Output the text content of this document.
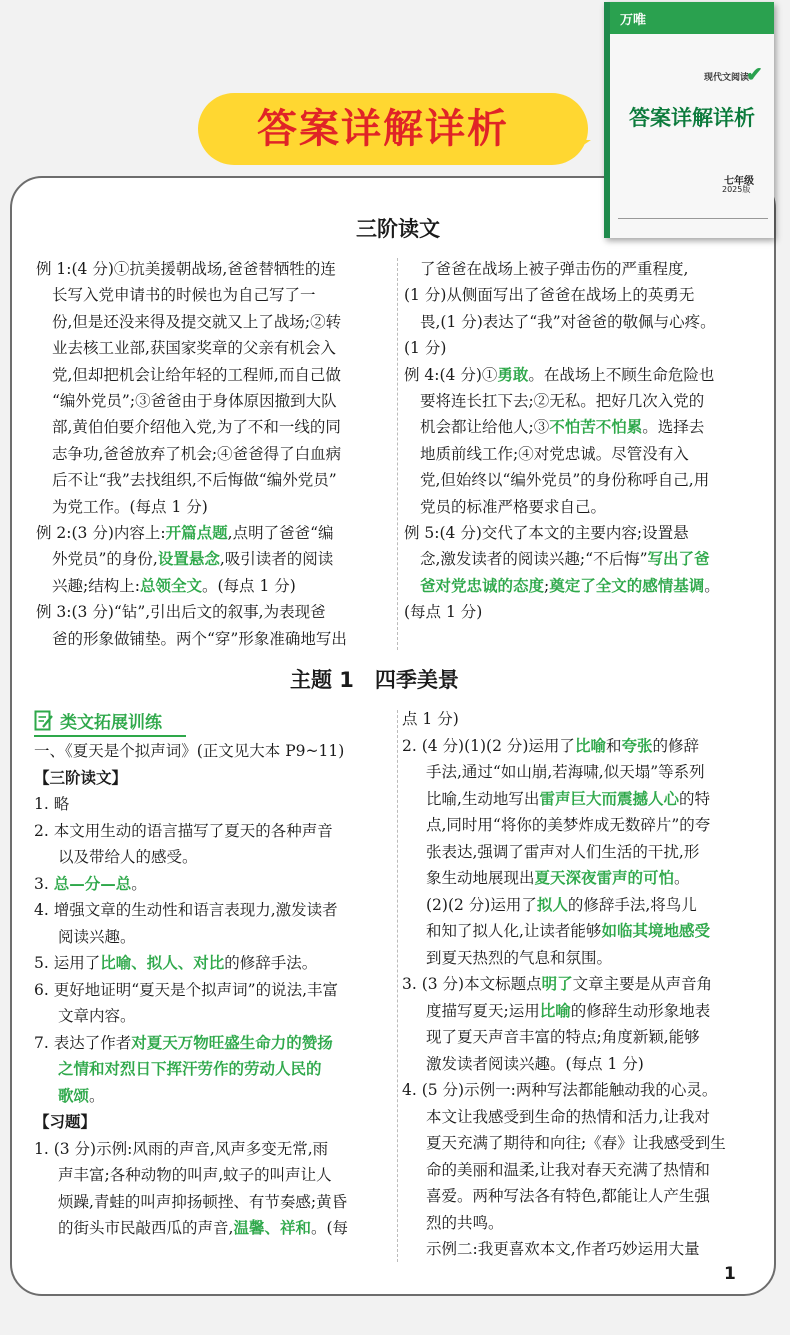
答案详解详析
万唯
现代文阅读
✔
答案详解详析
七年级
2025版
三阶读文
例 1:(4 分)①抗美援朝战场,爸爸替牺牲的连
长写入党申请书的时候也为自己写了一
份,但是还没来得及提交就又上了战场;②转
业去核工业部,获国家奖章的父亲有机会入
党,但却把机会让给年轻的工程师,而自己做
“编外党员”;③爸爸由于身体原因撤到大队
部,黄伯伯要介绍他入党,为了不和一线的同
志争功,爸爸放弃了机会;④爸爸得了白血病
后不让“我”去找组织,不后悔做“编外党员”
为党工作。(每点 1 分)
例 2:(3 分)内容上:开篇点题,点明了爸爸“编
外党员”的身份,设置悬念,吸引读者的阅读
兴趣;结构上:总领全文。(每点 1 分)
例 3:(3 分)“钻”,引出后文的叙事,为表现爸
爸的形象做铺垫。两个“穿”形象准确地写出
了爸爸在战场上被子弹击伤的严重程度,
(1 分)从侧面写出了爸爸在战场上的英勇无
畏,(1 分)表达了“我”对爸爸的敬佩与心疼。
(1 分)
例 4:(4 分)①勇敢。在战场上不顾生命危险也
要将连长扛下去;②无私。把好几次入党的
机会都让给他人;③不怕苦不怕累。选择去
地质前线工作;④对党忠诚。尽管没有入
党,但始终以“编外党员”的身份称呼自己,用
党员的标准严格要求自己。
例 5:(4 分)交代了本文的主要内容;设置悬
念,激发读者的阅读兴趣;“不后悔”写出了爸
爸对党忠诚的态度;奠定了全文的感情基调。
(每点 1 分)
主题 1　四季美景
类文拓展训练
一、《夏天是个拟声词》(正文见大本 P9~11)
【三阶读文】
1. 略
2. 本文用生动的语言描写了夏天的各种声音
以及带给人的感受。
3. 总—分—总。
4. 增强文章的生动性和语言表现力,激发读者
阅读兴趣。
5. 运用了比喻、拟人、对比的修辞手法。
6. 更好地证明“夏天是个拟声词”的说法,丰富
文章内容。
7. 表达了作者对夏天万物旺盛生命力的赞扬
之情和对烈日下挥汗劳作的劳动人民的
歌颂。
【习题】
1. (3 分)示例:风雨的声音,风声多变无常,雨
声丰富;各种动物的叫声,蚊子的叫声让人
烦躁,青蛙的叫声抑扬顿挫、有节奏感;黄昏
的街头市民敲西瓜的声音,温馨、祥和。(每
点 1 分)
2. (4 分)(1)(2 分)运用了比喻和夸张的修辞
手法,通过“如山崩,若海啸,似天塌”等系列
比喻,生动地写出雷声巨大而震撼人心的特
点,同时用“将你的美梦炸成无数碎片”的夸
张表达,强调了雷声对人们生活的干扰,形
象生动地展现出夏天深夜雷声的可怕。
(2)(2 分)运用了拟人的修辞手法,将鸟儿
和知了拟人化,让读者能够如临其境地感受
到夏天热烈的气息和氛围。
3. (3 分)本文标题点明了文章主要是从声音角
度描写夏天;运用比喻的修辞生动形象地表
现了夏天声音丰富的特点;角度新颖,能够
激发读者阅读兴趣。(每点 1 分)
4. (5 分)示例一:两种写法都能触动我的心灵。
本文让我感受到生命的热情和活力,让我对
夏天充满了期待和向往;《春》让我感受到生
命的美丽和温柔,让我对春天充满了热情和
喜爱。两种写法各有特色,都能让人产生强
烈的共鸣。
示例二:我更喜欢本文,作者巧妙运用大量
1
